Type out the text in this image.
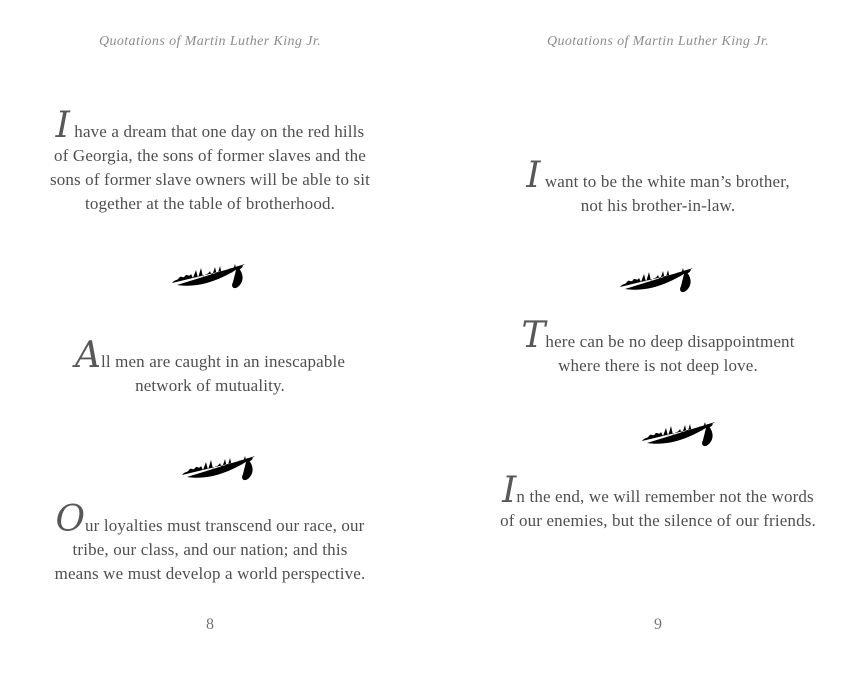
Quotations of Martin Luther King Jr.
I have a dream that one day on the red hills
of Georgia, the sons of former slaves and the
sons of former slave owners will be able to sit
together at the table of brotherhood.
All men are caught in an inescapable
network of mutuality.
Our loyalties must transcend our race, our
tribe, our class, and our nation; and this
means we must develop a world perspective.
8
Quotations of Martin Luther King Jr.
I want to be the white man’s brother,
not his brother-in-law.
There can be no deep disappointment
where there is not deep love.
In the end, we will remember not the words
of our enemies, but the silence of our friends.
9
